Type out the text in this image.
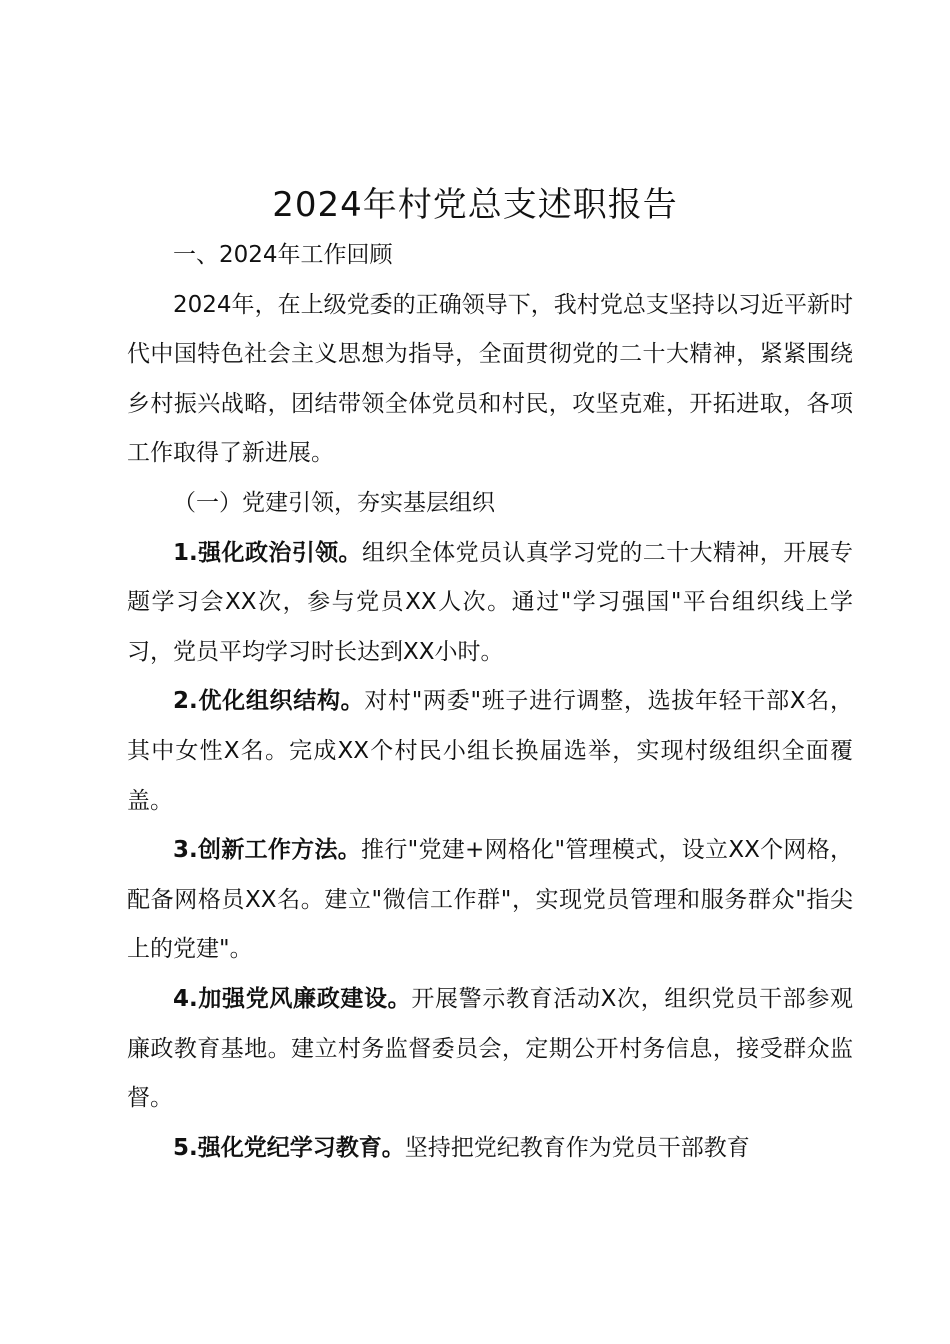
2024年村党总支述职报告

一、2024年工作回顾

2024年，在上级党委的正确领导下，我村党总支坚持以习近平新时代中国特色社会主义思想为指导，全面贯彻党的二十大精神，紧紧围绕乡村振兴战略，团结带领全体党员和村民，攻坚克难，开拓进取，各项工作取得了新进展。

（一）党建引领，夯实基层组织

1.强化政治引领。组织全体党员认真学习党的二十大精神，开展专题学习会XX次，参与党员XX人次。通过"学习强国"平台组织线上学习，党员平均学习时长达到XX小时。

2.优化组织结构。对村"两委"班子进行调整，选拔年轻干部X名，其中女性X名。完成XX个村民小组长换届选举，实现村级组织全面覆盖。

3.创新工作方法。推行"党建+网格化"管理模式，设立XX个网格，配备网格员XX名。建立"微信工作群"，实现党员管理和服务群众"指尖上的党建"。

4.加强党风廉政建设。开展警示教育活动X次，组织党员干部参观廉政教育基地。建立村务监督委员会，定期公开村务信息，接受群众监督。

5.强化党纪学习教育。坚持把党纪教育作为党员干部教育
